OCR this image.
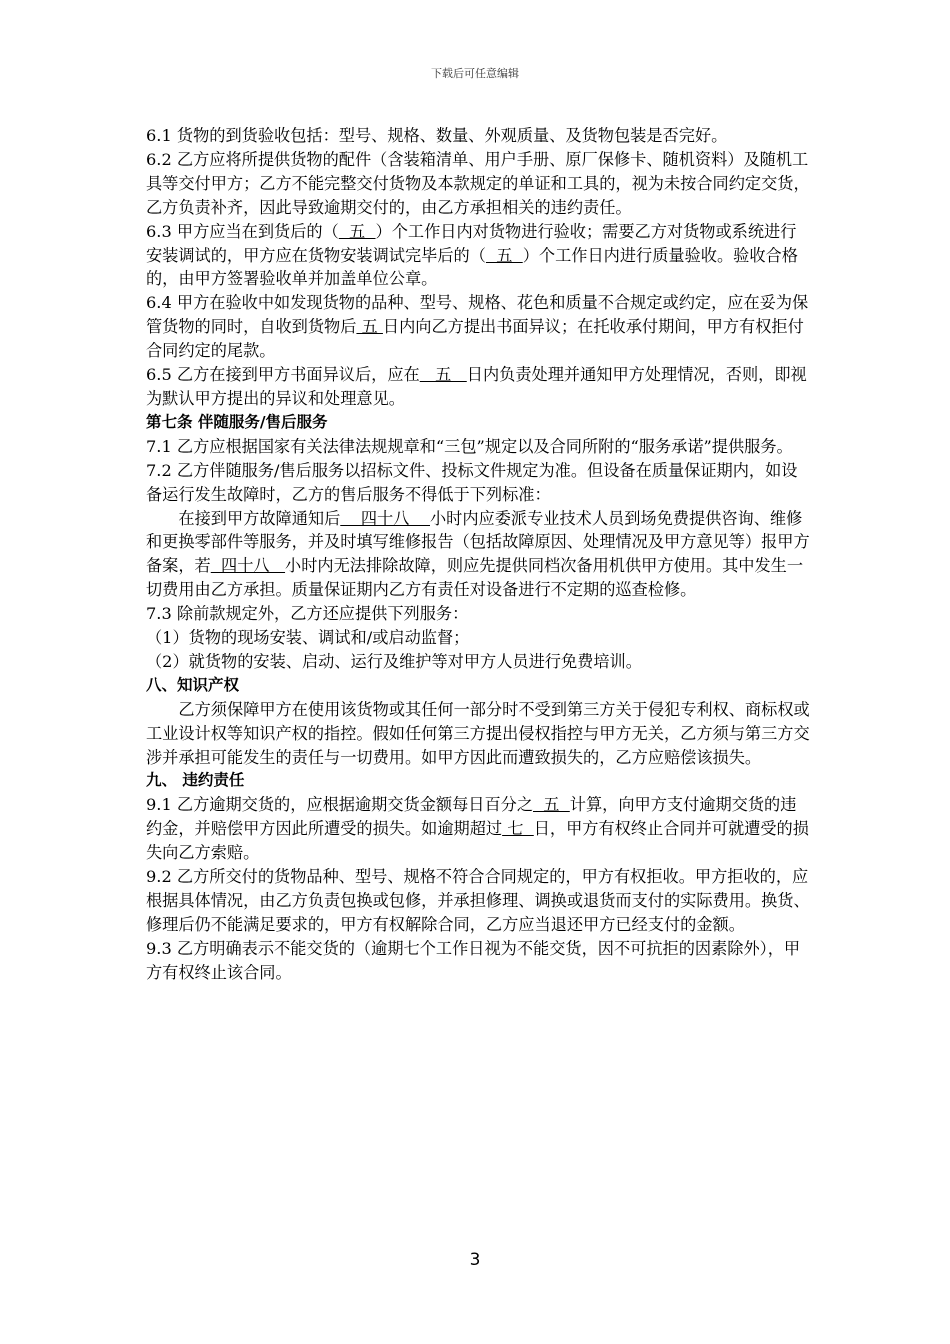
下载后可任意编辑

6.1 货物的到货验收包括：型号、规格、数量、外观质量、及货物包装是否完好。

6.2 乙方应将所提供货物的配件（含装箱清单、用户手册、原厂保修卡、随机资料）及随机工具等交付甲方；乙方不能完整交付货物及本款规定的单证和工具的，视为未按合同约定交货，乙方负责补齐，因此导致逾期交付的，由乙方承担相关的违约责任。

6.3 甲方应当在到货后的（  五  ）个工作日内对货物进行验收；需要乙方对货物或系统进行安装调试的，甲方应在货物安装调试完毕后的（  五  ）个工作日内进行质量验收。验收合格的，由甲方签署验收单并加盖单位公章。

6.4 甲方在验收中如发现货物的品种、型号、规格、花色和质量不合规定或约定，应在妥为保管货物的同时，自收到货物后 五 日内向乙方提出书面异议；在托收承付期间，甲方有权拒付合同约定的尾款。

6.5 乙方在接到甲方书面异议后，应在   五   日内负责处理并通知甲方处理情况，否则，即视为默认甲方提出的异议和处理意见。

第七条 伴随服务/售后服务

7.1 乙方应根据国家有关法律法规规章和“三包”规定以及合同所附的“服务承诺”提供服务。

7.2 乙方伴随服务/售后服务以招标文件、投标文件规定为准。但设备在质量保证期内，如设备运行发生故障时，乙方的售后服务不得低于下列标准：

在接到甲方故障通知后    四十八    小时内应委派专业技术人员到场免费提供咨询、维修和更换零部件等服务，并及时填写维修报告（包括故障原因、处理情况及甲方意见等）报甲方备案，若  四十八   小时内无法排除故障，则应先提供同档次备用机供甲方使用。其中发生一切费用由乙方承担。质量保证期内乙方有责任对设备进行不定期的巡查检修。

7.3 除前款规定外，乙方还应提供下列服务：

（1）货物的现场安装、调试和/或启动监督；

（2）就货物的安装、启动、运行及维护等对甲方人员进行免费培训。

八、知识产权

乙方须保障甲方在使用该货物或其任何一部分时不受到第三方关于侵犯专利权、商标权或工业设计权等知识产权的指控。假如任何第三方提出侵权指控与甲方无关，乙方须与第三方交涉并承担可能发生的责任与一切费用。如甲方因此而遭致损失的，乙方应赔偿该损失。

九、 违约责任

9.1 乙方逾期交货的，应根据逾期交货金额每日百分之  五  计算，向甲方支付逾期交货的违约金，并赔偿甲方因此所遭受的损失。如逾期超过 七  日，甲方有权终止合同并可就遭受的损失向乙方索赔。

9.2 乙方所交付的货物品种、型号、规格不符合合同规定的，甲方有权拒收。甲方拒收的，应根据具体情况，由乙方负责包换或包修，并承担修理、调换或退货而支付的实际费用。换货、修理后仍不能满足要求的，甲方有权解除合同，乙方应当退还甲方已经支付的金额。

9.3 乙方明确表示不能交货的（逾期七个工作日视为不能交货，因不可抗拒的因素除外），甲方有权终止该合同。

3
